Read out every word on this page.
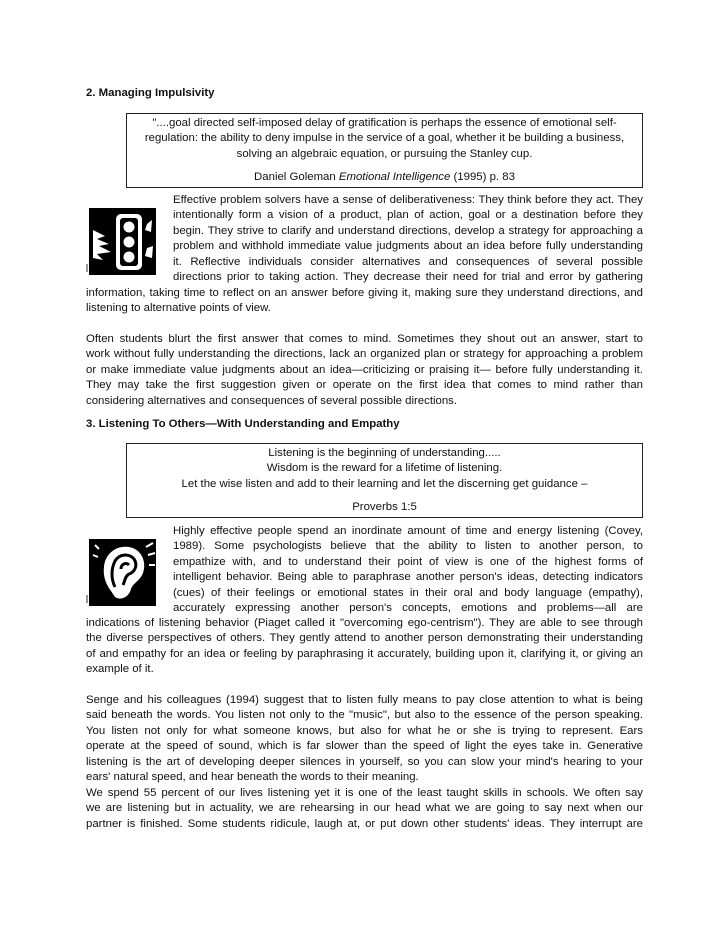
2. Managing Impulsivity
"....goal directed self-imposed delay of gratification is perhaps the essence of emotional self-
regulation: the ability to deny impulse in the service of a goal, whether it be building a business,
solving an algebraic equation, or pursuing the Stanley cup.
Daniel Goleman Emotional Intelligence (1995) p. 83
Effective problem solvers have a sense of deliberativeness: They think before they act. They
intentionally form a vision of a product, plan of action, goal or a destination before they
begin. They strive to clarify and understand directions, develop a strategy for approaching a
problem and withhold immediate value judgments about an idea before fully understanding
it. Reflective individuals consider alternatives and consequences of several possible
directions prior to taking action. They decrease their need for trial and error by gathering
information, taking time to reflect on an answer before giving it, making sure they understand directions, and
listening to alternative points of view.
Often students blurt the first answer that comes to mind. Sometimes they shout out an answer, start to
work without fully understanding the directions, lack an organized plan or strategy for approaching a problem
or make immediate value judgments about an idea—criticizing or praising it— before fully understanding it.
They may take the first suggestion given or operate on the first idea that comes to mind rather than
considering alternatives and consequences of several possible directions.
3. Listening To Others—With Understanding and Empathy
Listening is the beginning of understanding.....
Wisdom is the reward for a lifetime of listening.
Let the wise listen and add to their learning and let the discerning get guidance –
Proverbs 1:5
Highly effective people spend an inordinate amount of time and energy listening (Covey,
1989). Some psychologists believe that the ability to listen to another person, to
empathize with, and to understand their point of view is one of the highest forms of
intelligent behavior. Being able to paraphrase another person's ideas, detecting indicators
(cues) of their feelings or emotional states in their oral and body language (empathy),
accurately expressing another person's concepts, emotions and problems—all are
indications of listening behavior (Piaget called it "overcoming ego-centrism"). They are able to see through
the diverse perspectives of others. They gently attend to another person demonstrating their understanding
of and empathy for an idea or feeling by paraphrasing it accurately, building upon it, clarifying it, or giving an
example of it.
Senge and his colleagues (1994) suggest that to listen fully means to pay close attention to what is being
said beneath the words. You listen not only to the "music", but also to the essence of the person speaking.
You listen not only for what someone knows, but also for what he or she is trying to represent. Ears
operate at the speed of sound, which is far slower than the speed of light the eyes take in. Generative
listening is the art of developing deeper silences in yourself, so you can slow your mind's hearing to your
ears' natural speed, and hear beneath the words to their meaning.
We spend 55 percent of our lives listening yet it is one of the least taught skills in schools. We often say
we are listening but in actuality, we are rehearsing in our head what we are going to say next when our
partner is finished. Some students ridicule, laugh at, or put down other students' ideas. They interrupt are
